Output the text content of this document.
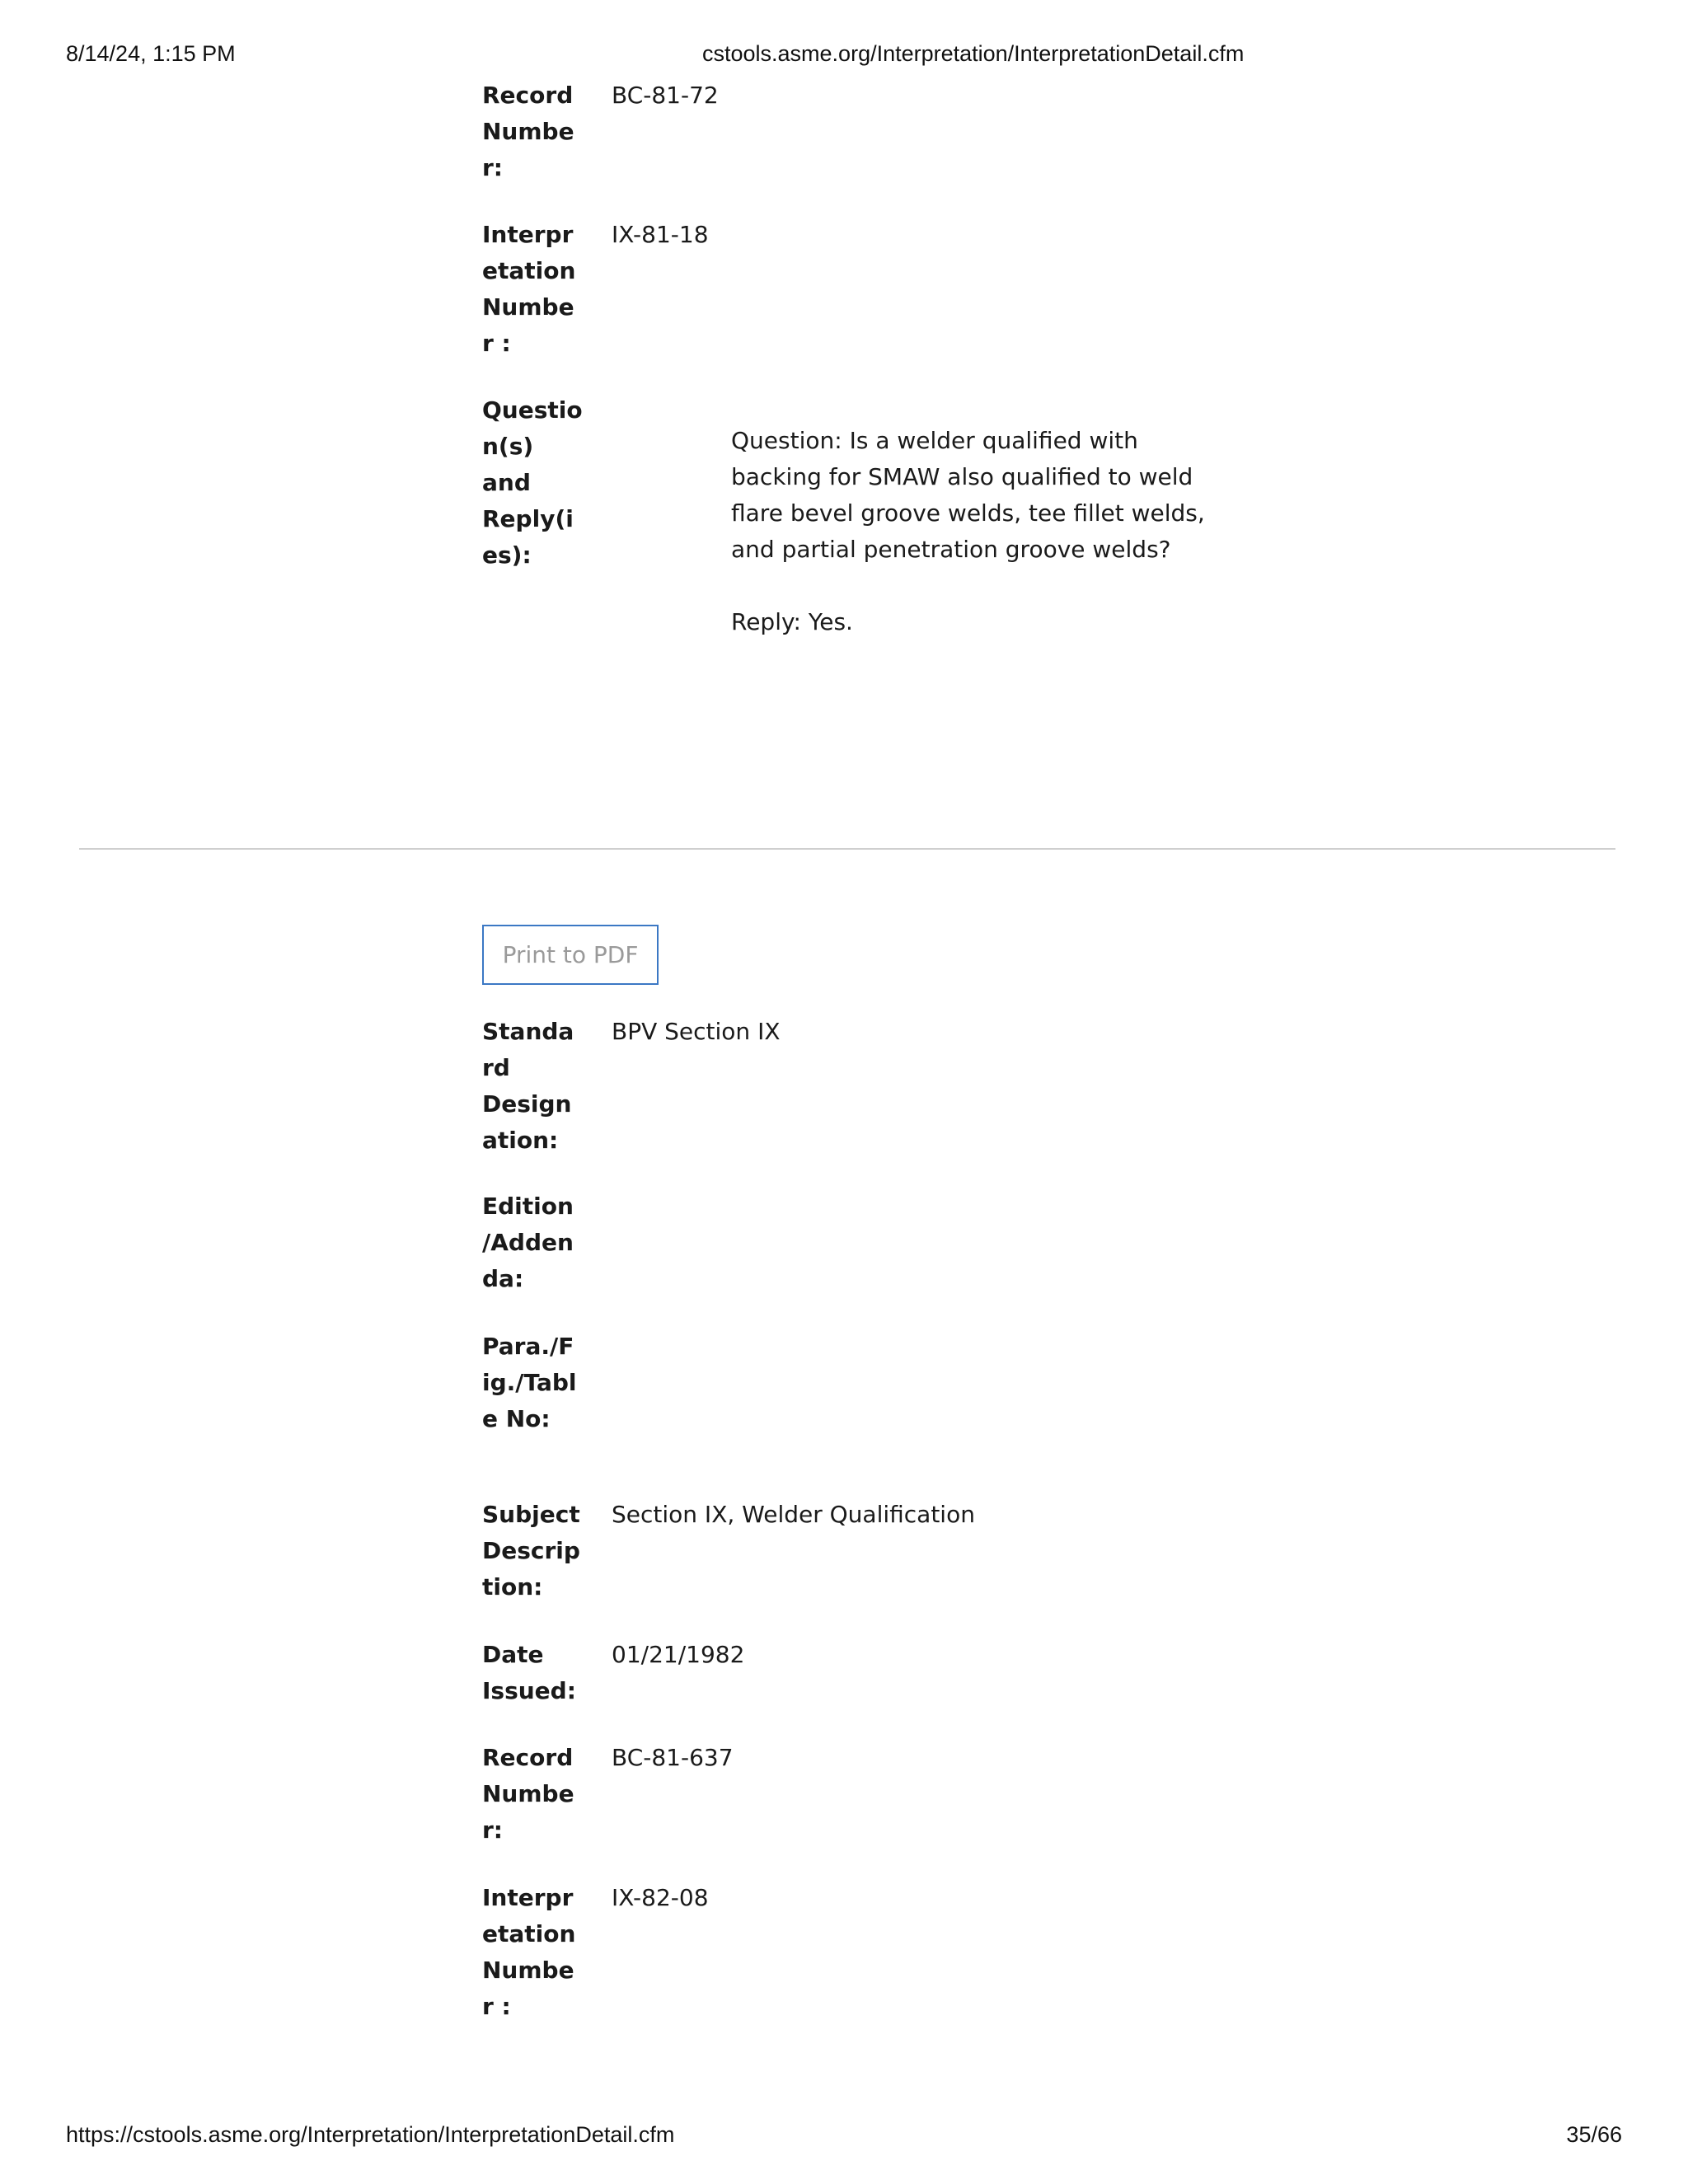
8/14/24, 1:15 PM	cstools.asme.org/Interpretation/InterpretationDetail.cfm
Record
Numbe
r:
BC-81-72
Interpr
etation
Numbe
r :
IX-81-18
Questio
n(s)
and
Reply(i
es):

Question: Is a welder qualified with backing for SMAW also qualified to weld flare bevel groove welds, tee fillet welds, and partial penetration groove welds?

Reply: Yes.

Print to PDF
Standa
rd
Design
ation:
BPV Section IX
Edition
/Adden
da:
Para./F
ig./Tabl
e No:
Subject
Descrip
tion:
Section IX, Welder Qualification
Date
Issued:
01/21/1982
Record
Numbe
r:
BC-81-637
Interpr
etation
Numbe
r :
IX-82-08
https://cstools.asme.org/Interpretation/InterpretationDetail.cfm	35/66
